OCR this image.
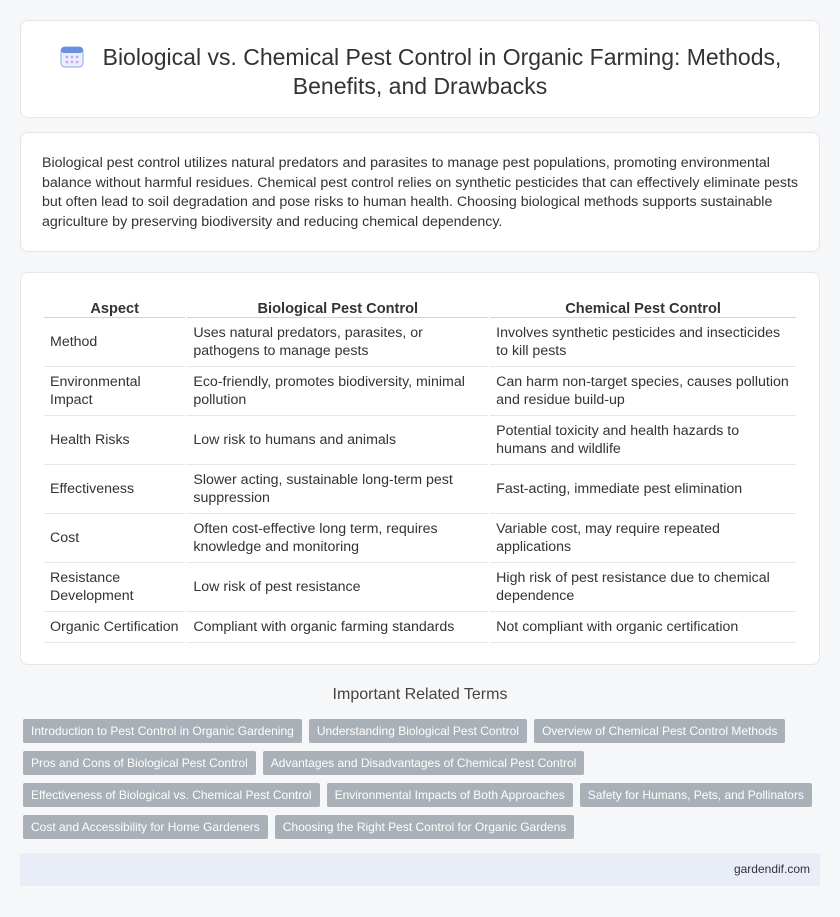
Biological vs. Chemical Pest Control in Organic Farming: Methods, Benefits, and Drawbacks

Biological pest control utilizes natural predators and parasites to manage pest populations, promoting environmental balance without harmful residues. Chemical pest control relies on synthetic pesticides that can effectively eliminate pests but often lead to soil degradation and pose risks to human health. Choosing biological methods supports sustainable agriculture by preserving biodiversity and reducing chemical dependency.

Aspect	Biological Pest Control	Chemical Pest Control
Method	Uses natural predators, parasites, or pathogens to manage pests	Involves synthetic pesticides and insecticides to kill pests
Environmental Impact	Eco-friendly, promotes biodiversity, minimal pollution	Can harm non-target species, causes pollution and residue build-up
Health Risks	Low risk to humans and animals	Potential toxicity and health hazards to humans and wildlife
Effectiveness	Slower acting, sustainable long-term pest suppression	Fast-acting, immediate pest elimination
Cost	Often cost-effective long term, requires knowledge and monitoring	Variable cost, may require repeated applications
Resistance Development	Low risk of pest resistance	High risk of pest resistance due to chemical dependence
Organic Certification	Compliant with organic farming standards	Not compliant with organic certification
Important Related Terms
Introduction to Pest Control in Organic Gardening	Understanding Biological Pest Control	Overview of Chemical Pest Control Methods
Pros and Cons of Biological Pest Control	Advantages and Disadvantages of Chemical Pest Control
Effectiveness of Biological vs. Chemical Pest Control	Environmental Impacts of Both Approaches	Safety for Humans, Pets, and Pollinators
Cost and Accessibility for Home Gardeners	Choosing the Right Pest Control for Organic Gardens
gardendif.com
